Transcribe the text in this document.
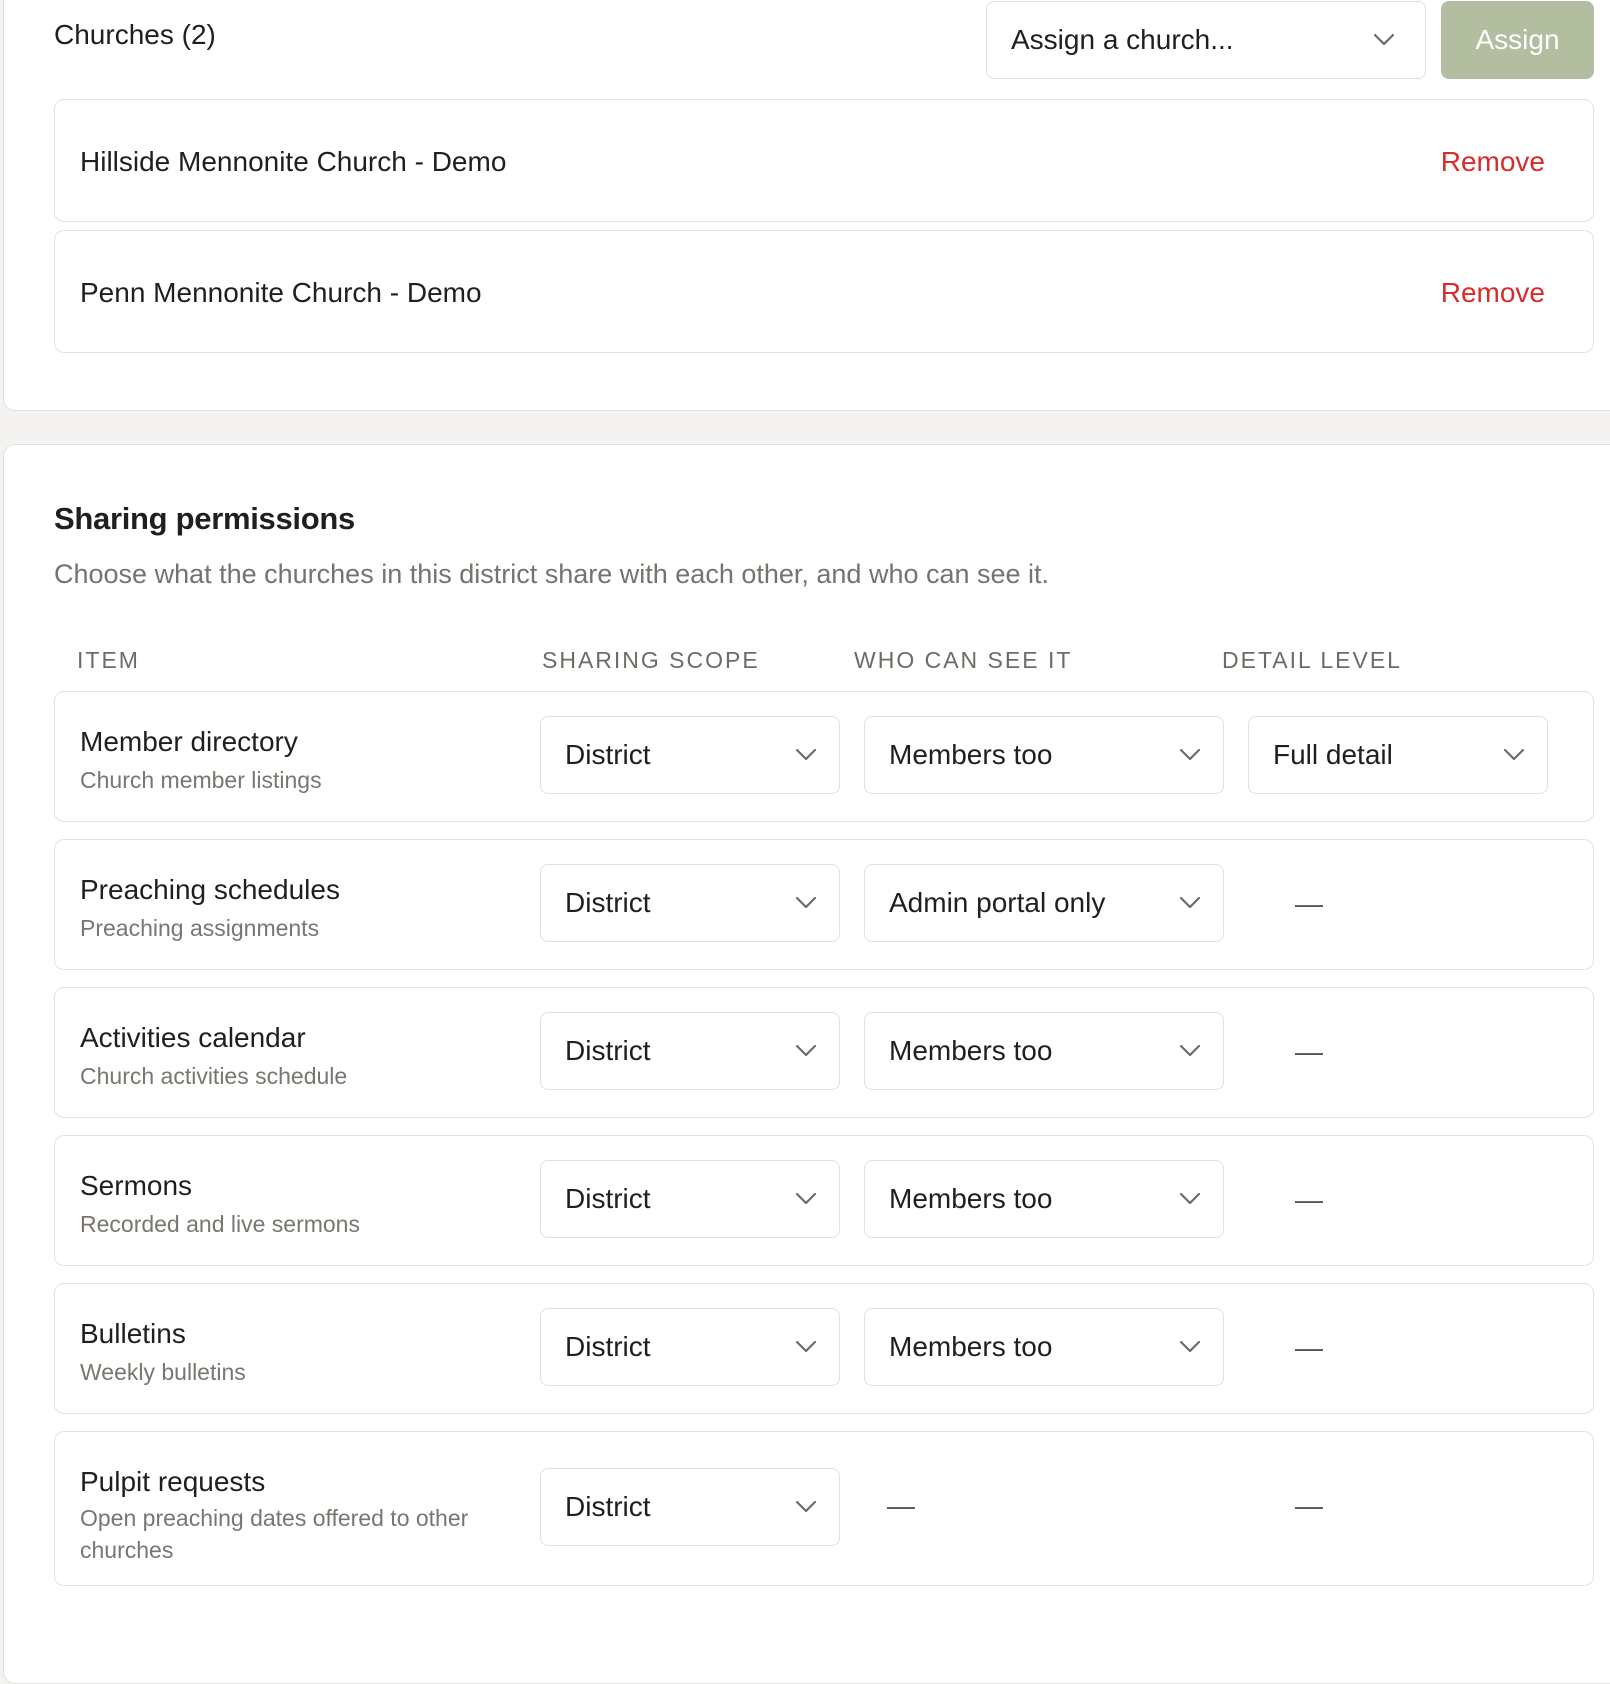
Churches (2)	Assign a church...	Assign
Hillside Mennonite Church - Demo	Remove
Penn Mennonite Church - Demo	Remove
Sharing permissions
Choose what the churches in this district share with each other, and who can see it.
ITEM	SHARING SCOPE	WHO CAN SEE IT	DETAIL LEVEL
Member directory
Church member listings
District	Members too	Full detail
Preaching schedules
Preaching assignments
District	Admin portal only	—
Activities calendar
Church activities schedule
District	Members too	—
Sermons
Recorded and live sermons
District	Members too	—
Bulletins
Weekly bulletins
District	Members too	—
Pulpit requests
Open preaching dates offered to other churches
District	—	—
